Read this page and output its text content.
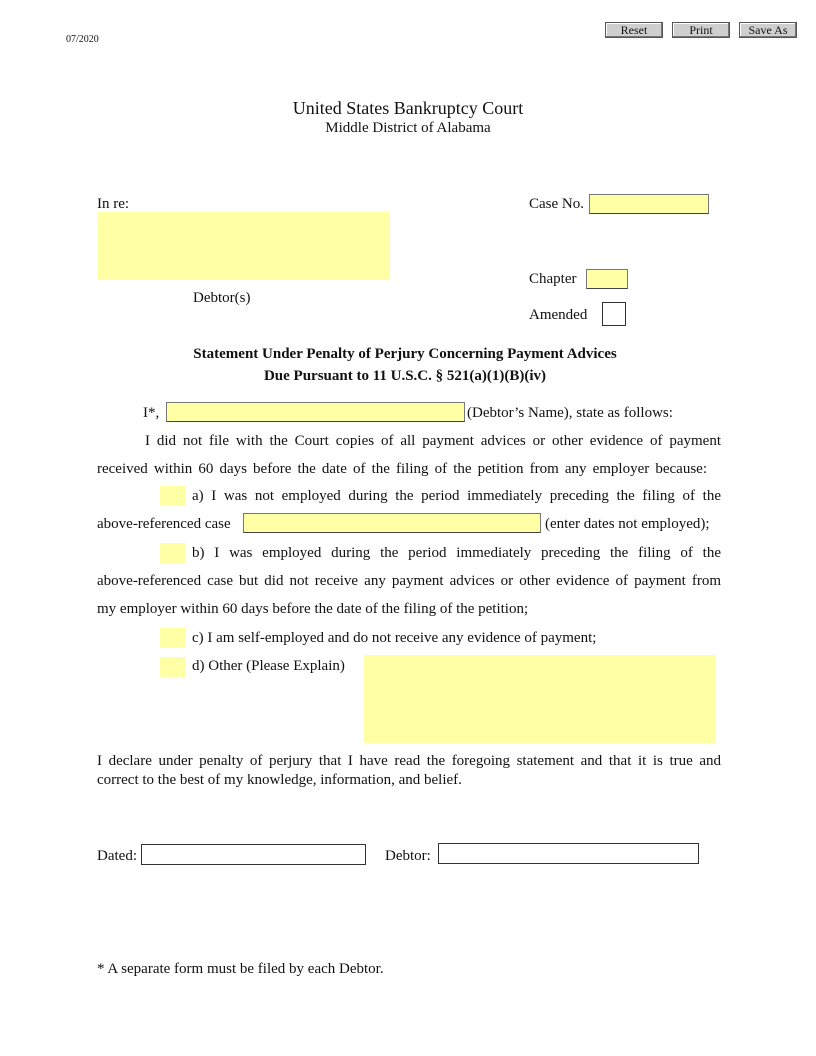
07/2020
Reset	Print	Save As
United States Bankruptcy Court
Middle District of Alabama
In re:
Debtor(s)
Case No.
Chapter
Amended
Statement Under Penalty of Perjury Concerning Payment Advices
Due Pursuant to 11 U.S.C. § 521(a)(1)(B)(iv)
I*,	(Debtor’s Name), state as follows:
I did not file with the Court copies of all payment advices or other evidence of payment
received within 60 days before the date of the filing of the petition from any employer because:
a) I was not employed during the period immediately preceding the filing of the
above-referenced case	(enter dates not employed);
b) I was employed during the period immediately preceding the filing of the
above-referenced case but did not receive any payment advices or other evidence of payment from
my employer within 60 days before the date of the filing of the petition;
c) I am self-employed and do not receive any evidence of payment;
d) Other (Please Explain)
I declare under penalty of perjury that I have read the foregoing statement and that it is true and
correct to the best of my knowledge, information, and belief.
Dated:	Debtor:
* A separate form must be filed by each Debtor.
